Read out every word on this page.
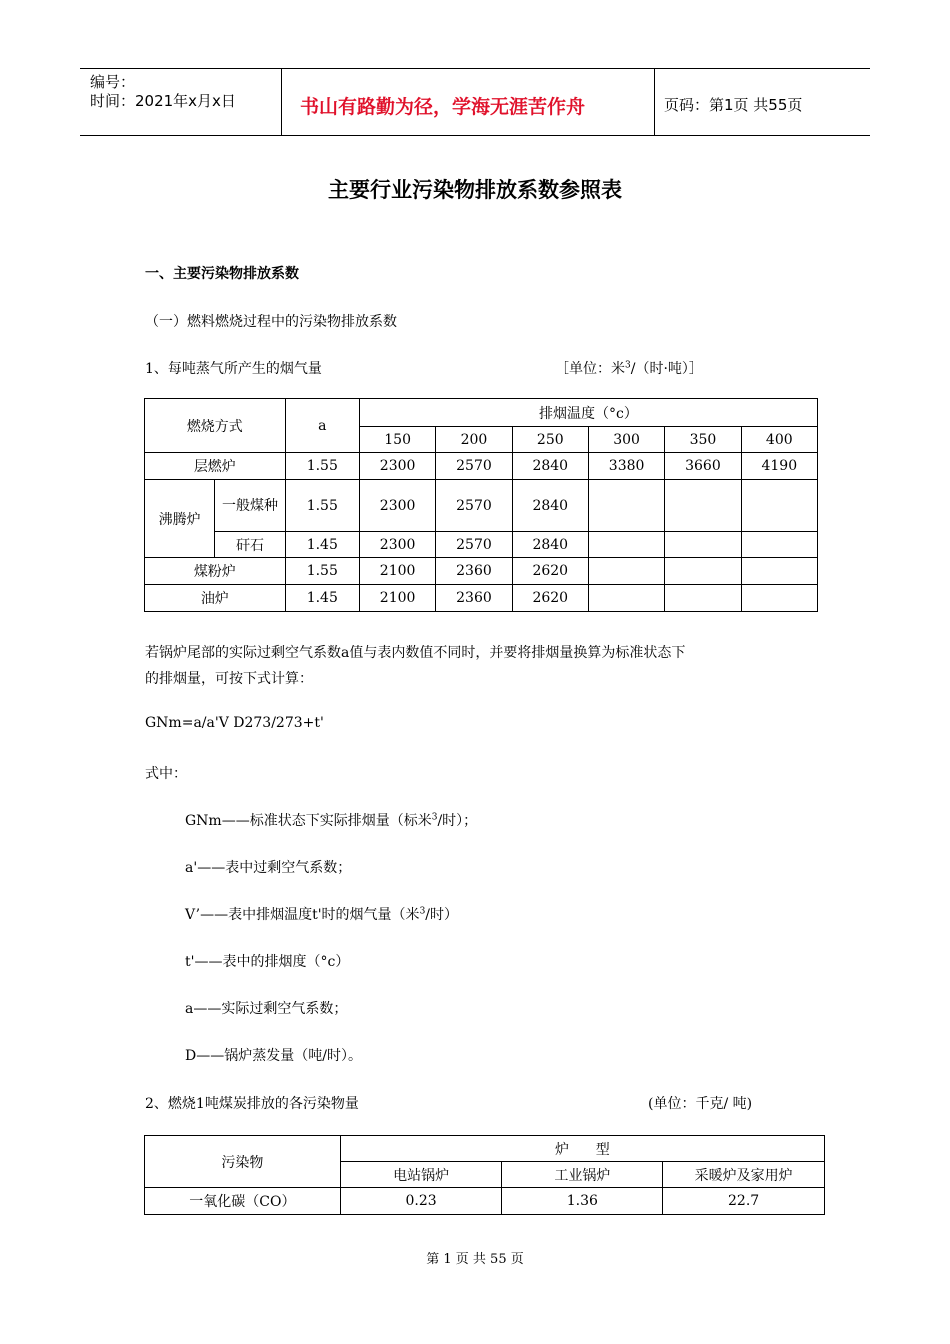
编号：
时间：2021年x月x日	书山有路勤为径，学海无涯苦作舟	页码：第1页 共55页
主要行业污染物排放系数参照表
一、主要污染物排放系数
（一）燃料燃烧过程中的污染物排放系数
1、每吨蒸气所产生的烟气量	［单位：米$^3$/（时·吨）］
燃烧方式		a	排烟温度（°c）					
			150	200	250	300	350	400
层燃炉		1.55	2300	2570	2840	3380	3660	4190
沸腾炉	一般煤种	1.55	2300	2570	2840			
	矸石	1.45	2300	2570	2840			
煤粉炉		1.55	2100	2360	2620			
油炉		1.45	2100	2360	2620			
若锅炉尾部的实际过剩空气系数a值与表内数值不同时，并要将排烟量换算为标准状态下
的排烟量，可按下式计算：
GNm=a/a'V D273/273+t'
式中：
GNm——标准状态下实际排烟量（标米$^3$/时）；
a'——表中过剩空气系数；
V’——表中排烟温度t'时的烟气量（米$^3$/时）
t'——表中的排烟度（°c）
a——实际过剩空气系数；
D——锅炉蒸发量（吨/时）。
2、燃烧1吨煤炭排放的各污染物量	(单位：千克/ 吨)
污染物	炉      型		
	电站锅炉	工业锅炉	采暖炉及家用炉
一氧化碳（CO）	0.23	1.36	22.7
第 1 页 共 55 页
